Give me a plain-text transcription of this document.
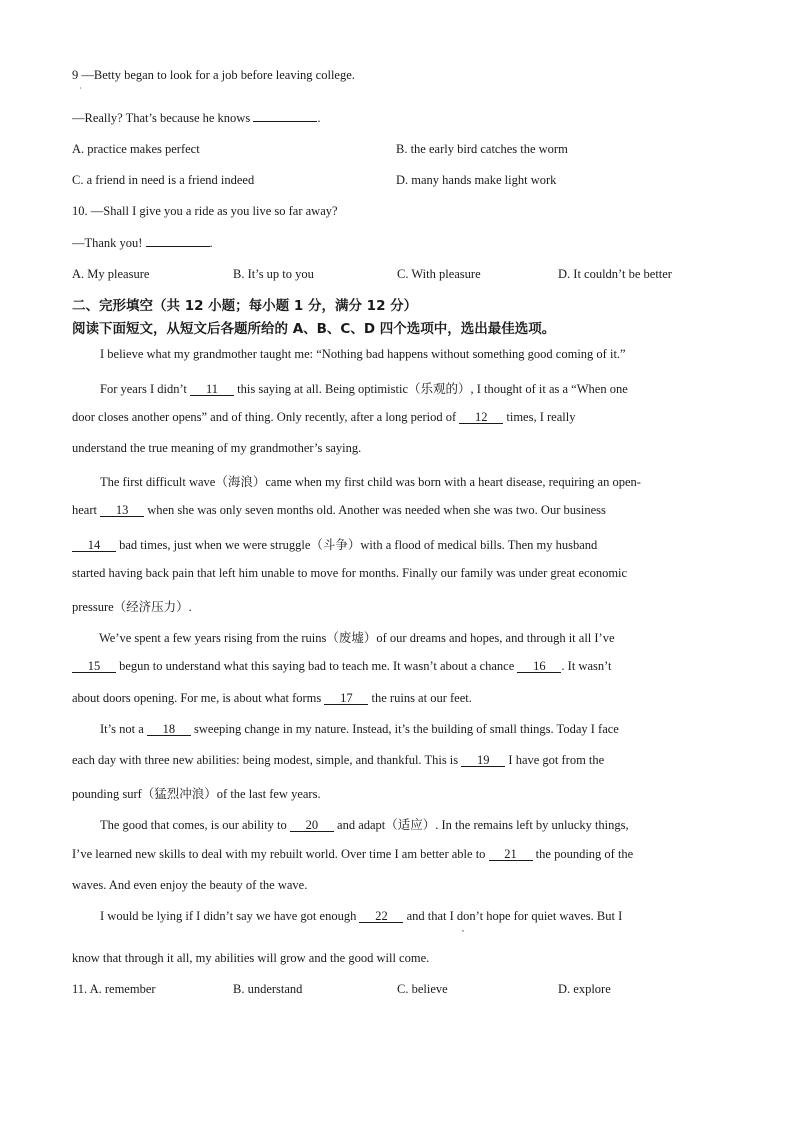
9 —Betty began to look for a job before leaving college.
·
—Really? That’s because he knows	.
A. practice makes perfect	B. the early bird catches the worm
C. a friend in need is a friend indeed	D. many hands make light work
10. —Shall I give you a ride as you live so far away?
—Thank you!	.
A. My pleasure	B. It’s up to you	C. With pleasure	D. It couldn’t be better
二、完形填空（共 12 小题；每小题 1 分，满分 12 分）
阅读下面短文，从短文后各题所给的 A、B、C、D 四个选项中，选出最佳选项。
I believe what my grandmother taught me: “Nothing bad happens without something good coming of it.”
For years I didn’t 11 this saying at all. Being optimistic（乐观的）, I thought of it as a “When one
door closes another opens” and of thing. Only recently, after a long period of 12 times, I really
understand the true meaning of my grandmother’s saying.
The first difficult wave（海浪）came when my first child was born with a heart disease, requiring an open-
heart 13 when she was only seven months old. Another was needed when she was two. Our business
14 bad times, just when we were struggle（斗争）with a flood of medical bills. Then my husband
started having back pain that left him unable to move for months. Finally our family was under great economic
pressure（经济压力）.
We’ve spent a few years rising from the ruins（废墟）of our dreams and hopes, and through it all I’ve
15 begun to understand what this saying bad to teach me. It wasn’t about a chance 16 . It wasn’t
about doors opening. For me, is about what forms 17 the ruins at our feet.
It’s not a 18 sweeping change in my nature. Instead, it’s the building of small things. Today I face
each day with three new abilities: being modest, simple, and thankful. This is 19 I have got from the
pounding surf（猛烈冲浪）of the last few years.
The good that comes, is our ability to 20 and adapt（适应）. In the remains left by unlucky things,
I’ve learned new skills to deal with my rebuilt world. Over time I am better able to 21 the pounding of the
waves. And even enjoy the beauty of the wave.
I would be lying if I didn’t say we have got enough 22 and that I don’t hope for quiet waves. But I
,
know that through it all, my abilities will grow and the good will come.
11. A. remember	B. understand	C. believe	D. explore
